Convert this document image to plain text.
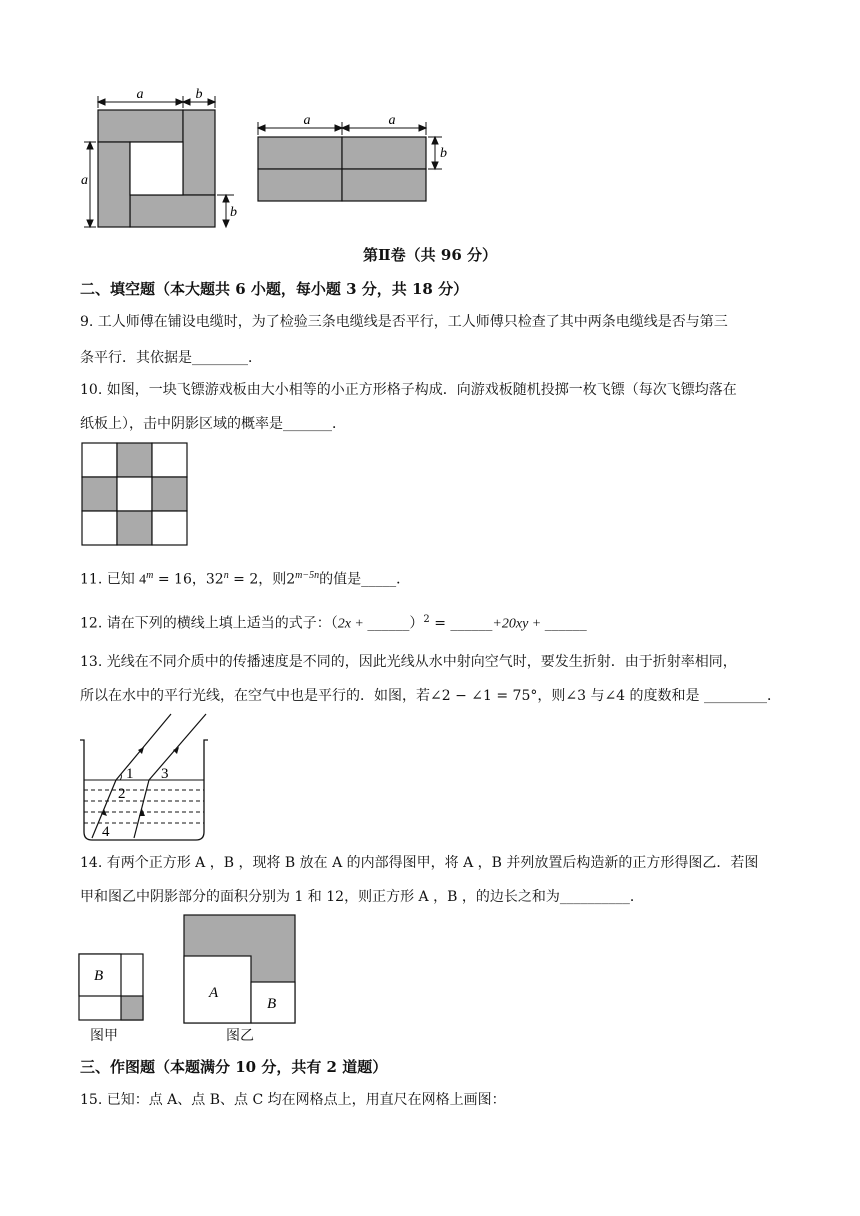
a	b
a
b
a	a
b
第Ⅱ卷（共 96 分）
二、填空题（本大题共 6 小题，每小题 3 分，共 18 分）
9. 工人师傅在铺设电缆时，为了检验三条电缆线是否平行，工人师傅只检查了其中两条电缆线是否与第三
条平行．其依据是________．
10. 如图，一块飞镖游戏板由大小相等的小正方形格子构成．向游戏板随机投掷一枚飞镖（每次飞镖均落在
纸板上），击中阴影区域的概率是_______．
11. 已知 $4^m = 16$，$32^n = 2$，则$2^{m-5n}$的值是_____．
12. 请在下列的横线上填上适当的式子：（2x + ______）$^2$ = ______+20xy + ______
13. 光线在不同介质中的传播速度是不同的，因此光线从水中射向空气时，要发生折射．由于折射率相同，
所以在水中的平行光线，在空气中也是平行的．如图，若∠2 − ∠1 = 75°，则∠3 与∠4 的度数和是 _________．
1
2
3
4
14. 有两个正方形 A ，B ，现将 B 放在 A 的内部得图甲，将 A ，B 并列放置后构造新的正方形得图乙．若图
甲和图乙中阴影部分的面积分别为 1 和 12，则正方形 A ，B ，的边长之和为__________．
B
图甲
A
B
图乙
三、作图题（本题满分 10 分，共有 2 道题）
15. 已知：点 A、点 B、点 C 均在网格点上，用直尺在网格上画图：
